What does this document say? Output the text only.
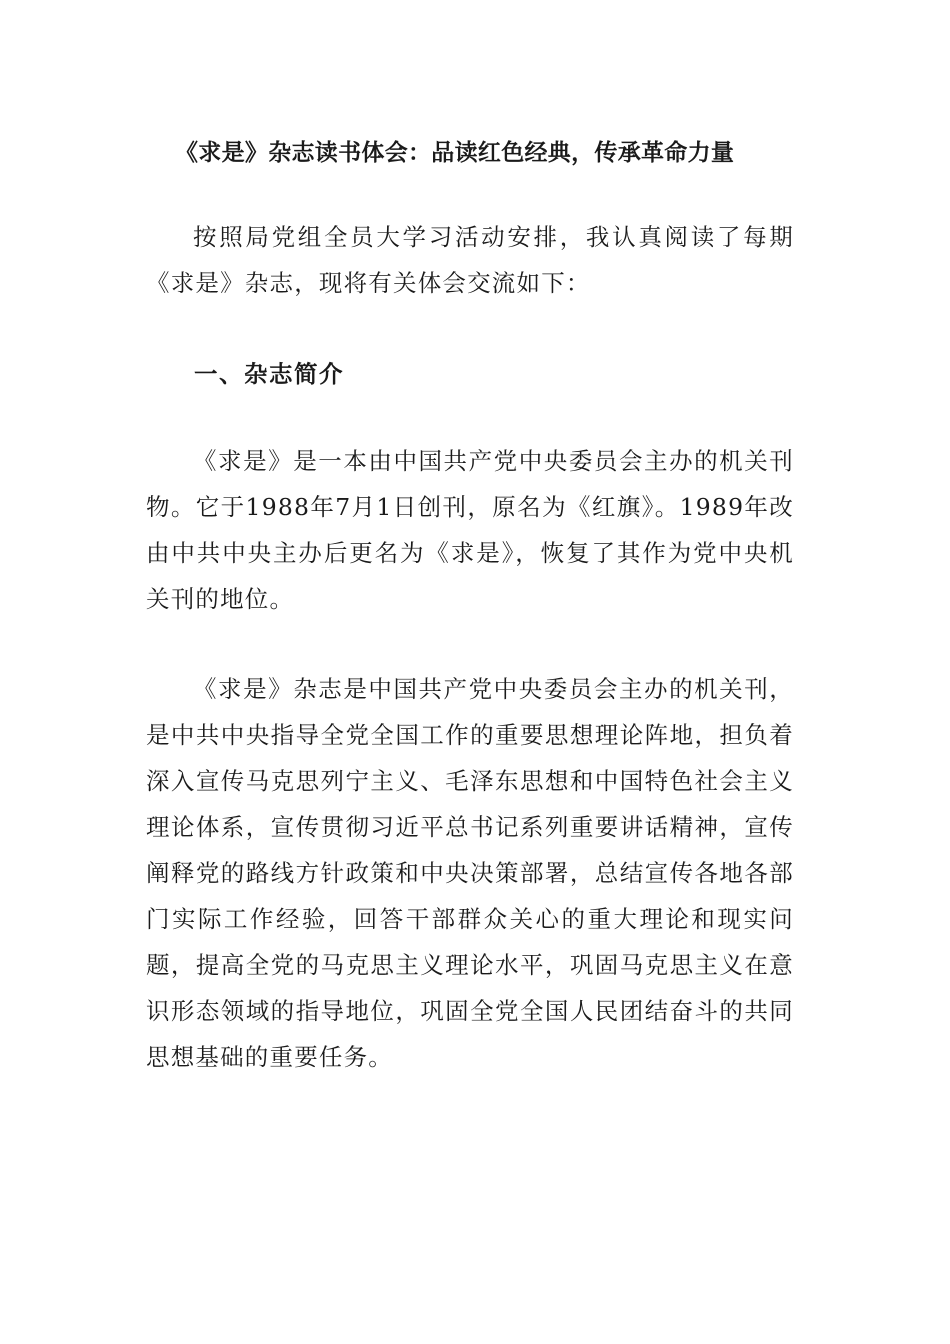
《求是》杂志读书体会：品读红色经典，传承革命力量
按照局党组全员大学习活动安排，我认真阅读了每期《求是》杂志，现将有关体会交流如下：
一、杂志简介
《求是》是一本由中国共产党中央委员会主办的机关刊物。它于1988年7月1日创刊，原名为《红旗》。1989年改由中共中央主办后更名为《求是》，恢复了其作为党中央机关刊的地位。
《求是》杂志是中国共产党中央委员会主办的机关刊，是中共中央指导全党全国工作的重要思想理论阵地，担负着深入宣传马克思列宁主义、毛泽东思想和中国特色社会主义理论体系，宣传贯彻习近平总书记系列重要讲话精神，宣传阐释党的路线方针政策和中央决策部署，总结宣传各地各部门实际工作经验，回答干部群众关心的重大理论和现实问题，提高全党的马克思主义理论水平，巩固马克思主义在意识形态领域的指导地位，巩固全党全国人民团结奋斗的共同思想基础的重要任务。
